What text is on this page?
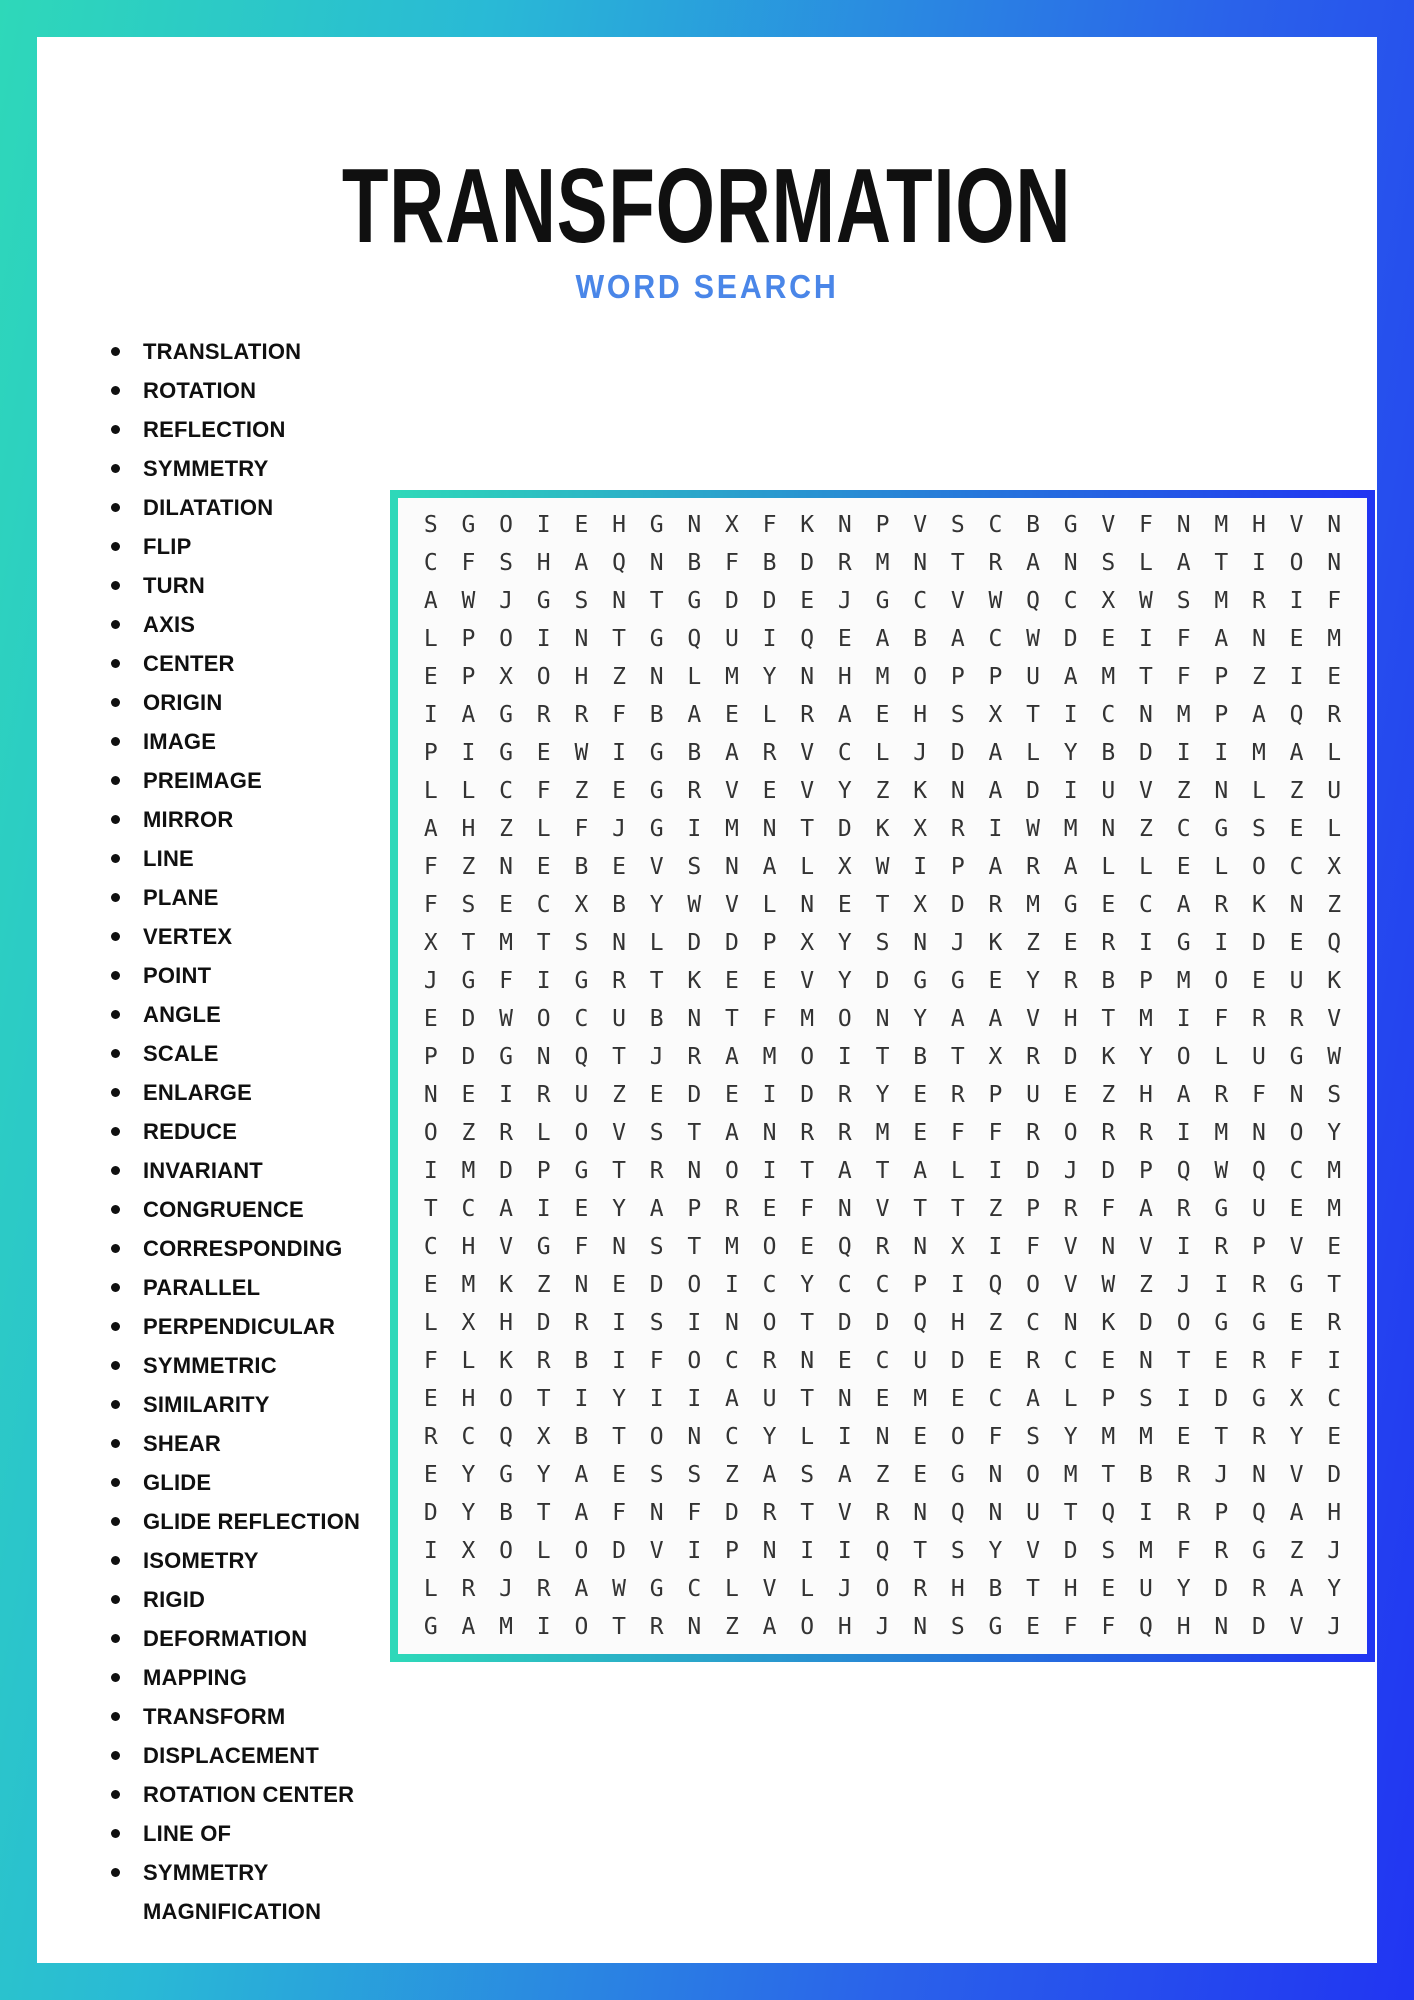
TRANSFORMATION
WORD SEARCH
TRANSLATION
ROTATION
REFLECTION
SYMMETRY
DILATATION
FLIP
TURN
AXIS
CENTER
ORIGIN
IMAGE
PREIMAGE
MIRROR
LINE
PLANE
VERTEX
POINT
ANGLE
SCALE
ENLARGE
REDUCE
INVARIANT
CONGRUENCE
CORRESPONDING
PARALLEL
PERPENDICULAR
SYMMETRIC
SIMILARITY
SHEAR
GLIDE
GLIDE REFLECTION
ISOMETRY
RIGID
DEFORMATION
MAPPING
TRANSFORM
DISPLACEMENT
ROTATION CENTER
LINE OF
SYMMETRY
MAGNIFICATION
S	G	O	I	E	H	G	N	X	F	K	N	P	V	S	C	B	G	V	F	N	M	H	V	N
C	F	S	H	A	Q	N	B	F	B	D	R	M	N	T	R	A	N	S	L	A	T	I	O	N
A	W	J	G	S	N	T	G	D	D	E	J	G	C	V	W	Q	C	X	W	S	M	R	I	F
L	P	O	I	N	T	G	Q	U	I	Q	E	A	B	A	C	W	D	E	I	F	A	N	E	M
E	P	X	O	H	Z	N	L	M	Y	N	H	M	O	P	P	U	A	M	T	F	P	Z	I	E
I	A	G	R	R	F	B	A	E	L	R	A	E	H	S	X	T	I	C	N	M	P	A	Q	R
P	I	G	E	W	I	G	B	A	R	V	C	L	J	D	A	L	Y	B	D	I	I	M	A	L
L	L	C	F	Z	E	G	R	V	E	V	Y	Z	K	N	A	D	I	U	V	Z	N	L	Z	U
A	H	Z	L	F	J	G	I	M	N	T	D	K	X	R	I	W	M	N	Z	C	G	S	E	L
F	Z	N	E	B	E	V	S	N	A	L	X	W	I	P	A	R	A	L	L	E	L	O	C	X
F	S	E	C	X	B	Y	W	V	L	N	E	T	X	D	R	M	G	E	C	A	R	K	N	Z
X	T	M	T	S	N	L	D	D	P	X	Y	S	N	J	K	Z	E	R	I	G	I	D	E	Q
J	G	F	I	G	R	T	K	E	E	V	Y	D	G	G	E	Y	R	B	P	M	O	E	U	K
E	D	W	O	C	U	B	N	T	F	M	O	N	Y	A	A	V	H	T	M	I	F	R	R	V
P	D	G	N	Q	T	J	R	A	M	O	I	T	B	T	X	R	D	K	Y	O	L	U	G	W
N	E	I	R	U	Z	E	D	E	I	D	R	Y	E	R	P	U	E	Z	H	A	R	F	N	S
O	Z	R	L	O	V	S	T	A	N	R	R	M	E	F	F	R	O	R	R	I	M	N	O	Y
I	M	D	P	G	T	R	N	O	I	T	A	T	A	L	I	D	J	D	P	Q	W	Q	C	M
T	C	A	I	E	Y	A	P	R	E	F	N	V	T	T	Z	P	R	F	A	R	G	U	E	M
C	H	V	G	F	N	S	T	M	O	E	Q	R	N	X	I	F	V	N	V	I	R	P	V	E
E	M	K	Z	N	E	D	O	I	C	Y	C	C	P	I	Q	O	V	W	Z	J	I	R	G	T
L	X	H	D	R	I	S	I	N	O	T	D	D	Q	H	Z	C	N	K	D	O	G	G	E	R
F	L	K	R	B	I	F	O	C	R	N	E	C	U	D	E	R	C	E	N	T	E	R	F	I
E	H	O	T	I	Y	I	I	A	U	T	N	E	M	E	C	A	L	P	S	I	D	G	X	C
R	C	Q	X	B	T	O	N	C	Y	L	I	N	E	O	F	S	Y	M	M	E	T	R	Y	E
E	Y	G	Y	A	E	S	S	Z	A	S	A	Z	E	G	N	O	M	T	B	R	J	N	V	D
D	Y	B	T	A	F	N	F	D	R	T	V	R	N	Q	N	U	T	Q	I	R	P	Q	A	H
I	X	O	L	O	D	V	I	P	N	I	I	Q	T	S	Y	V	D	S	M	F	R	G	Z	J
L	R	J	R	A	W	G	C	L	V	L	J	O	R	H	B	T	H	E	U	Y	D	R	A	Y
G	A	M	I	O	T	R	N	Z	A	O	H	J	N	S	G	E	F	F	Q	H	N	D	V	J
